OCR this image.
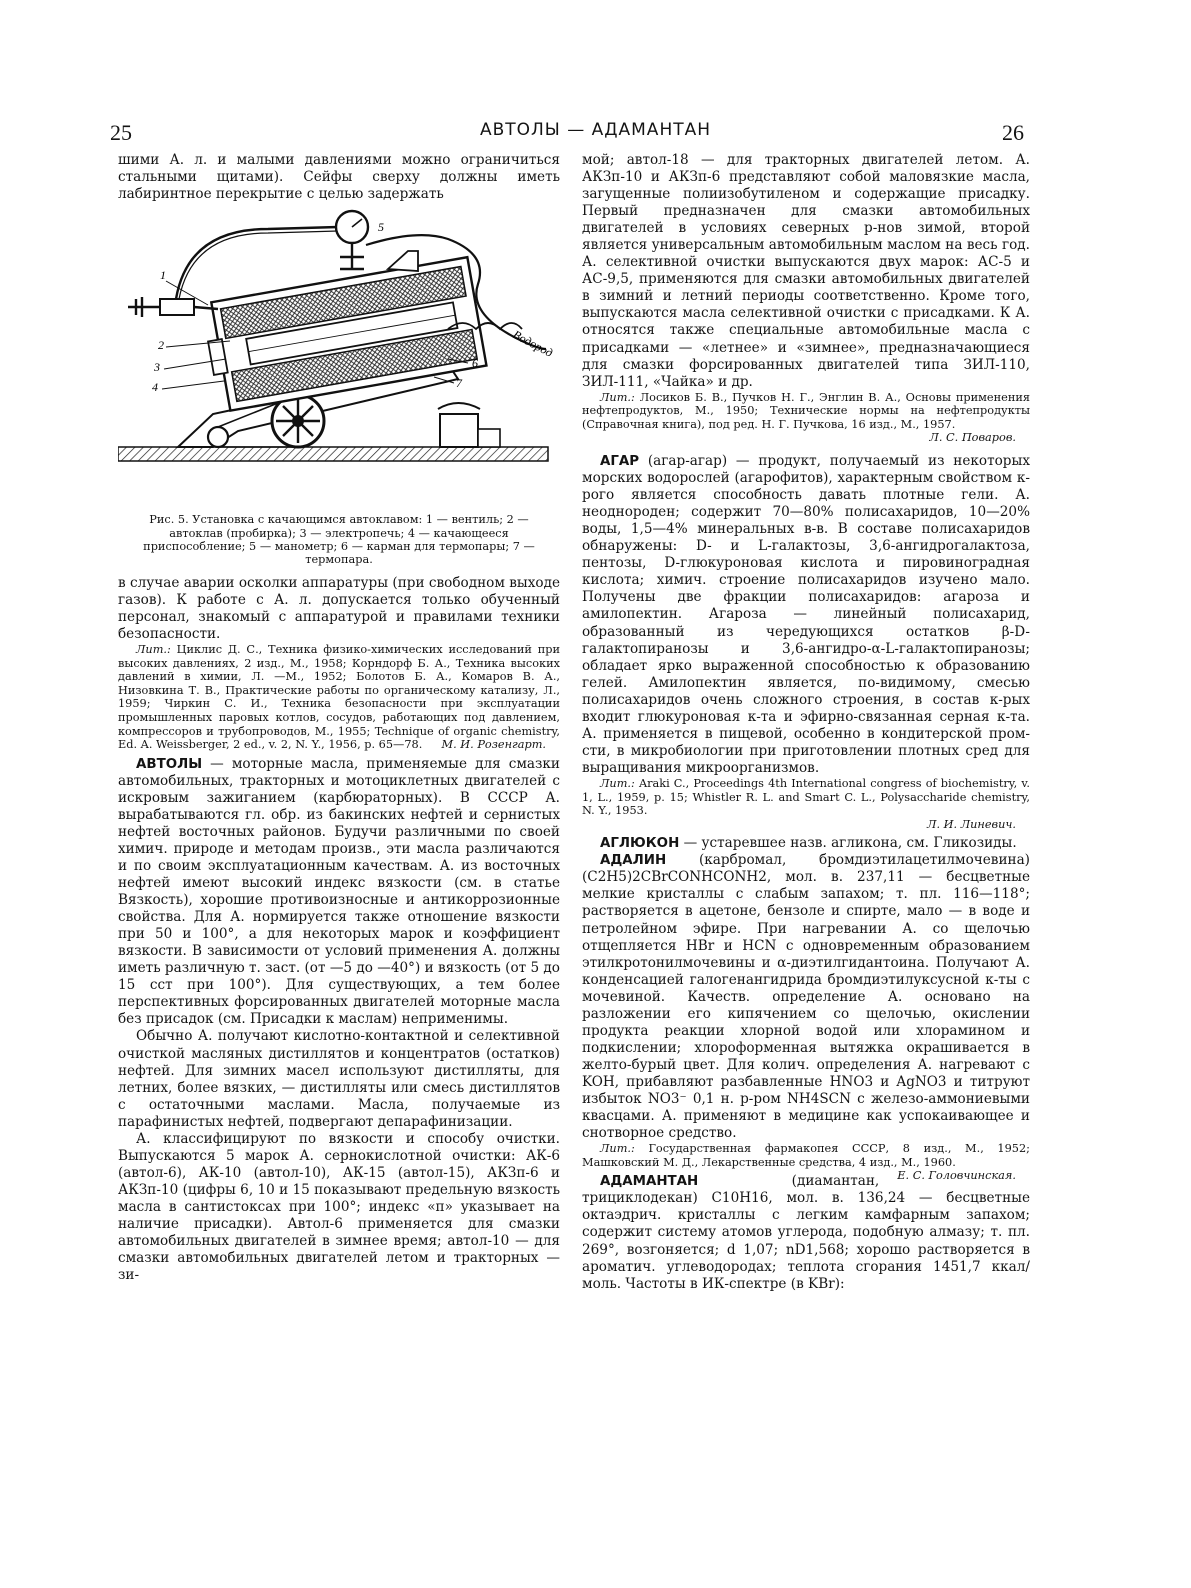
25	АВТОЛЫ — АДАМАНТАН	26

шими А. л. и малыми давлениями можно ограничиться стальными щитами). Сейфы сверху должны иметь лабиринтное перекрытие с целью задержать

1
2
3
4
5
6
7
Водород
Рис. 5. Установка с качающимся автоклавом: 1 — вентиль; 2 — автоклав (пробирка); 3 — электропечь; 4 — качающееся приспособление; 5 — манометр; 6 — карман для термопары; 7 — термопара.

в случае аварии осколки аппаратуры (при свободном выходе газов). К работе с А. л. допускается только обученный персонал, знакомый с аппаратурой и правилами техники безопасности.

Лит.: Циклис Д. С., Техника физико-химических исследований при высоких давлениях, 2 изд., М., 1958; Корндорф Б. А., Техника высоких давлений в химии, Л. —М., 1952; Болотов Б. А., Комаров В. А., Низовкина Т. В., Практические работы по органическому катализу, Л., 1959; Чиркин С. И., Техника безопасности при эксплуатации промышленных паровых котлов, сосудов, работающих под давлением, компрессоров и трубопроводов, М., 1955; Technique of organic chemistry, Ed. A. Weissberger, 2 ed., v. 2, N. Y., 1956, p. 65—78.	М. И. Розенгарт.

АВТОЛЫ — моторные масла, применяемые для смазки автомобильных, тракторных и мотоциклетных двигателей с искровым зажиганием (карбюраторных). В СССР А. вырабатываются гл. обр. из бакинских нефтей и сернистых нефтей восточных районов. Будучи различными по своей химич. природе и методам произв., эти масла различаются и по своим эксплуатационным качествам. А. из восточных нефтей имеют высокий индекс вязкости (см. в статье Вязкость), хорошие противоизносные и антикоррозионные свойства. Для А. нормируется также отношение вязкости при 50 и 100°, а для некоторых марок и коэффициент вязкости. В зависимости от условий применения А. должны иметь различную т. заст. (от —5 до —40°) и вязкость (от 5 до 15 сст при 100°). Для существующих, а тем более перспективных форсированных двигателей моторные масла без присадок (см. Присадки к маслам) неприменимы.

Обычно А. получают кислотно-контактной и селективной очисткой масляных дистиллятов и концентратов (остатков) нефтей. Для зимних масел используют дистилляты, для летних, более вязких, — дистилляты или смесь дистиллятов с остаточными маслами. Масла, получаемые из парафинистых нефтей, подвергают депарафинизации.

А. классифицируют по вязкости и способу очистки. Выпускаются 5 марок А. сернокислотной очистки: АК-6 (автол-6), АК-10 (автол-10), АК-15 (автол-15), АКЗп-6 и АКЗп-10 (цифры 6, 10 и 15 показывают предельную вязкость масла в сантистоксах при 100°; индекс «п» указывает на наличие присадки). Автол-6 применяется для смазки автомобильных двигателей в зимнее время; автол-10 — для смазки автомобильных двигателей летом и тракторных — зи-

мой; автол-18 — для тракторных двигателей летом. А. АКЗп-10 и АКЗп-6 представляют собой маловязкие масла, загущенные полиизобутиленом и содержащие присадку. Первый предназначен для смазки автомобильных двигателей в условиях северных р-нов зимой, второй является универсальным автомобильным маслом на весь год. А. селективной очистки выпускаются двух марок: АС-5 и АС-9,5, применяются для смазки автомобильных двигателей в зимний и летний периоды соответственно. Кроме того, выпускаются масла селективной очистки с присадками. К А. относятся также специальные автомобильные масла с присадками — «летнее» и «зимнее», предназначающиеся для смазки форсированных двигателей типа ЗИЛ-110, ЗИЛ-111, «Чайка» и др.

Лит.: Лосиков Б. В., Пучков Н. Г., Энглин В. А., Основы применения нефтепродуктов, М., 1950; Технические нормы на нефтепродукты (Справочная книга), под ред. Н. Г. Пучкова, 16 изд., М., 1957.

Л. С. Поваров.

АГАР (агар-агар) — продукт, получаемый из некоторых морских водорослей (агарофитов), характерным свойством к-рого является способность давать плотные гели. А. неоднороден; содержит 70—80% полисахаридов, 10—20% воды, 1,5—4% минеральных в-в. В составе полисахаридов обнаружены: D- и L-галактозы, 3,6-ангидрогалактоза, пентозы, D-глюкуроновая кислота и пировиноградная кислота; химич. строение полисахаридов изучено мало. Получены две фракции полисахаридов: агароза и амилопектин. Агароза — линейный полисахарид, образованный из чередующихся остатков β-D-галактопиранозы и 3,6-ангидро-α-L-галактопиранозы; обладает ярко выраженной способностью к образованию гелей. Амилопектин является, по-видимому, смесью полисахаридов очень сложного строения, в состав к-рых входит глюкуроновая к-та и эфирно-связанная серная к-та. А. применяется в пищевой, особенно в кондитерской пром-сти, в микробиологии при приготовлении плотных сред для выращивания микроорганизмов.

Лит.: Araki C., Proceedings 4th International congress of biochemistry, v. 1, L., 1959, p. 15; Whistler R. L. and Smart C. L., Polysaccharide chemistry, N. Y., 1953.

Л. И. Линевич.

АГЛЮКОН — устаревшее назв. агликона, см. Гликозиды.

АДАЛИН (карбромал, бромдиэтилацетилмочевина) (C2H5)2CBrCONHCONH2, мол. в. 237,11 — бесцветные мелкие кристаллы с слабым запахом; т. пл. 116—118°; растворяется в ацетоне, бензоле и спирте, мало — в воде и петролейном эфире. При нагревании А. со щелочью отщепляется HBr и HCN с одновременным образованием этилкротонилмочевины и α-диэтилгидантоина. Получают А. конденсацией галогенангидрида бромдиэтилуксусной к-ты с мочевиной. Качеств. определение А. основано на разложении его кипячением со щелочью, окислении продукта реакции хлорной водой или хлорамином и подкислении; хлороформенная вытяжка окрашивается в желто-бурый цвет. Для колич. определения А. нагревают с KOH, прибавляют разбавленные HNO3 и AgNO3 и титруют избыток NO3⁻ 0,1 н. р-ром NH4SCN с железо-аммониевыми квасцами. А. применяют в медицине как успокаивающее и снотворное средство.

Лит.: Государственная фармакопея СССР, 8 изд., М., 1952; Машковский М. Д., Лекарственные средства, 4 изд., М., 1960.
Е. С. Головчинская.

АДАМАНТАН	(диамантан, трициклодекан) C10H16, мол. в. 136,24 — бесцветные октаэдрич. кристаллы с легким камфарным запахом; содержит систему атомов углерода, подобную алмазу; т. пл. 269°, возгоняется; d 1,07; nD1,568; хорошо растворяется в ароматич. углеводородах; теплота сгорания 1451,7 ккал/моль. Частоты в ИК-спектре (в KBr):
